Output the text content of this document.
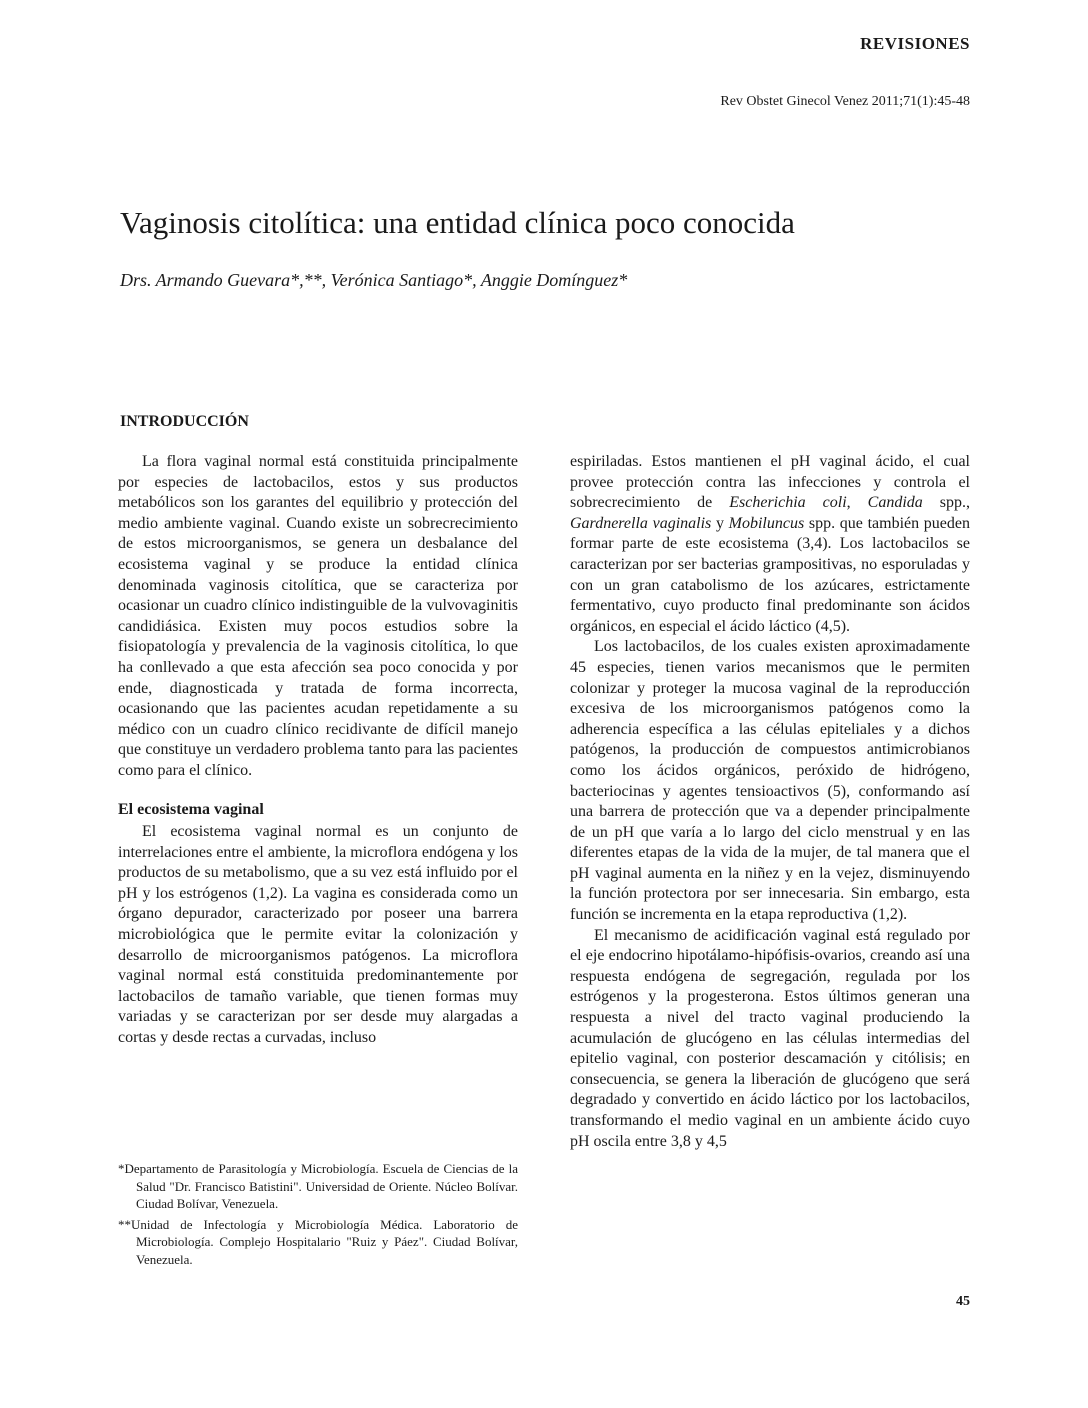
REVISIONES
Rev Obstet Ginecol Venez 2011;71(1):45-48
Vaginosis citolítica: una entidad clínica poco conocida
Drs. Armando Guevara*,**, Verónica Santiago*, Anggie Domínguez*
INTRODUCCIÓN

La flora vaginal normal está constituida principalmente por especies de lactobacilos, estos y sus productos metabólicos son los garantes del equilibrio y protección del medio ambiente vaginal. Cuando existe un sobrecrecimiento de estos microorganismos, se genera un desbalance del ecosistema vaginal y se produce la entidad clínica denominada vaginosis citolítica, que se caracteriza por ocasionar un cuadro clínico indistinguible de la vulvovaginitis candidiásica. Existen muy pocos estudios sobre la fisiopatología y prevalencia de la vaginosis citolítica, lo que ha conllevado a que esta afección sea poco conocida y por ende, diagnosticada y tratada de forma incorrecta, ocasionando que las pacientes acudan repetidamente a su médico con un cuadro clínico recidivante de difícil manejo que constituye un verdadero problema tanto para las pacientes como para el clínico.

El ecosistema vaginal

El ecosistema vaginal normal es un conjunto de interrelaciones entre el ambiente, la microflora endógena y los productos de su metabolismo, que a su vez está influido por el pH y los estrógenos (1,2). La vagina es considerada como un órgano depurador, caracterizado por poseer una barrera microbiológica que le permite evitar la colonización y desarrollo de microorganismos patógenos. La microflora vaginal normal está constituida predominantemente por lactobacilos de tamaño variable, que tienen formas muy variadas y se caracterizan por ser desde muy alargadas a cortas y desde rectas a curvadas, incluso

espiriladas. Estos mantienen el pH vaginal ácido, el cual provee protección contra las infecciones y controla el sobrecrecimiento de Escherichia coli, Candida spp., Gardnerella vaginalis y Mobiluncus spp. que también pueden formar parte de este ecosistema (3,4). Los lactobacilos se caracterizan por ser bacterias grampositivas, no esporuladas y con un gran catabolismo de los azúcares, estrictamente fermentativo, cuyo producto final predominante son ácidos orgánicos, en especial el ácido láctico (4,5).

Los lactobacilos, de los cuales existen aproximadamente 45 especies, tienen varios mecanismos que le permiten colonizar y proteger la mucosa vaginal de la reproducción excesiva de los microorganismos patógenos como la adherencia específica a las células epiteliales y a dichos patógenos, la producción de compuestos antimicrobianos como los ácidos orgánicos, peróxido de hidrógeno, bacteriocinas y agentes tensioactivos (5), conformando así una barrera de protección que va a depender principalmente de un pH que varía a lo largo del ciclo menstrual y en las diferentes etapas de la vida de la mujer, de tal manera que el pH vaginal aumenta en la niñez y en la vejez, disminuyendo la función protectora por ser innecesaria. Sin embargo, esta función se incrementa en la etapa reproductiva (1,2).

El mecanismo de acidificación vaginal está regulado por el eje endocrino hipotálamo-hipófisis-ovarios, creando así una respuesta endógena de segregación, regulada por los estrógenos y la progesterona. Estos últimos generan una respuesta a nivel del tracto vaginal produciendo la acumulación de glucógeno en las células intermedias del epitelio vaginal, con posterior descamación y citólisis; en consecuencia, se genera la liberación de glucógeno que será degradado y convertido en ácido láctico por los lactobacilos, transformando el medio vaginal en un ambiente ácido cuyo pH oscila entre 3,8 y 4,5

*Departamento de Parasitología y Microbiología. Escuela de Ciencias de la Salud "Dr. Francisco Batistini". Universidad de Oriente. Núcleo Bolívar. Ciudad Bolívar, Venezuela.

**Unidad de Infectología y Microbiología Médica. Laboratorio de Microbiología. Complejo Hospitalario "Ruiz y Páez". Ciudad Bolívar, Venezuela.

45
